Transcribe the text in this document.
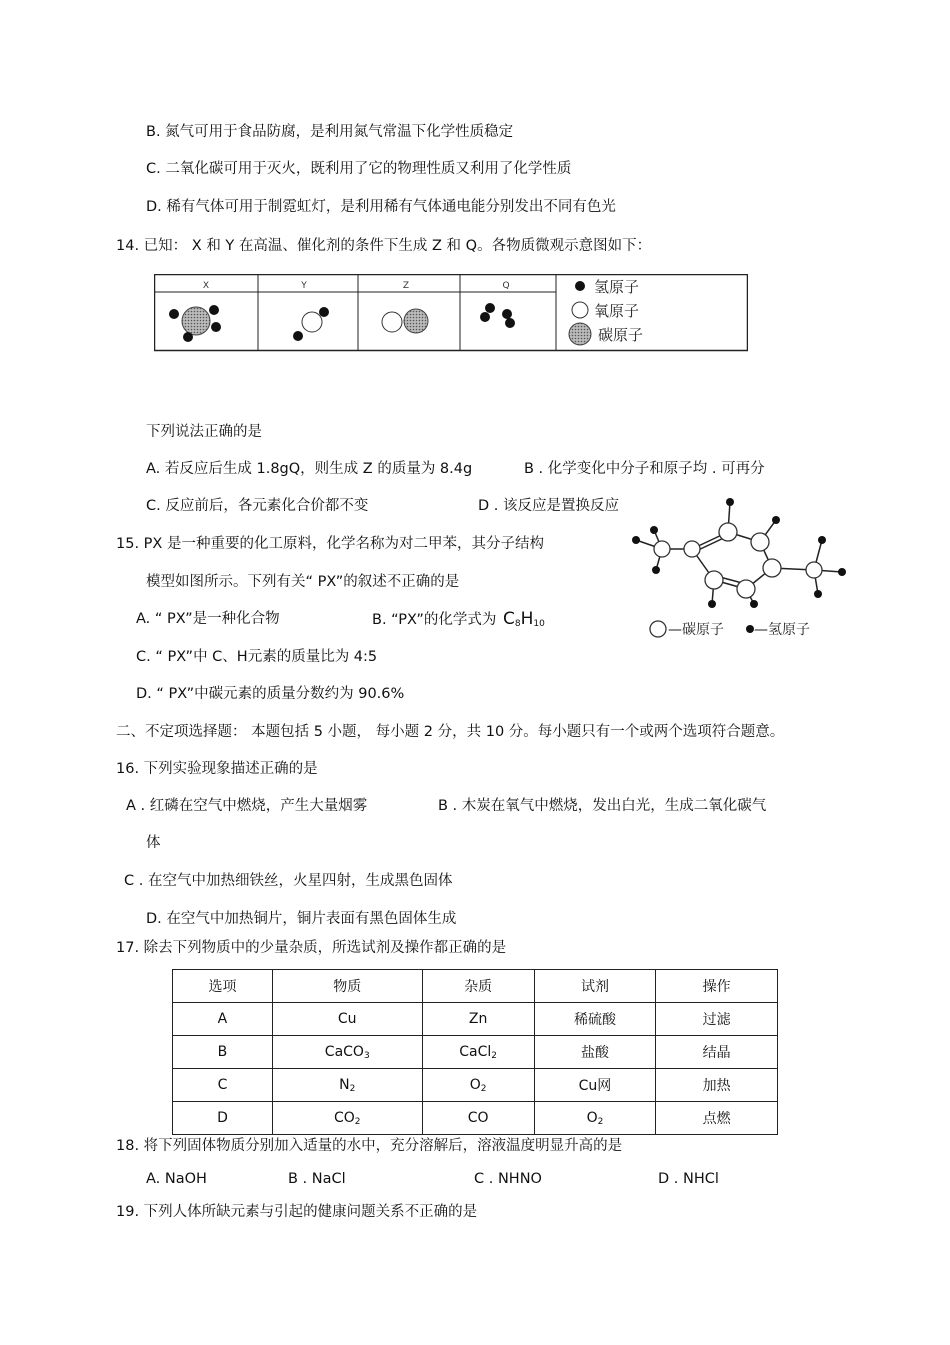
B. 氮气可用于食品防腐，是利用氮气常温下化学性质稳定
C. 二氧化碳可用于灭火，既利用了它的物理性质又利用了化学性质
D. 稀有气体可用于制霓虹灯，是利用稀有气体通电能分别发出不同有色光
14. 已知： X 和 Y 在高温、催化剂的条件下生成 Z 和 Q。各物质微观示意图如下：
X	Y	Z	Q	氢原子
氧原子
碳原子
下列说法正确的是
A. 若反应后生成 1.8gQ，则生成 Z 的质量为 8.4g	B . 化学变化中分子和原子均 . 可再分
C. 反应前后，各元素化合价都不变	D . 该反应是置换反应
15. PX 是一种重要的化工原料，化学名称为对二甲苯，其分子结构
模型如图所示。下列有关“ PX”的叙述不正确的是
A. “ PX”是一种化合物	B. “PX”的化学式为 $C_8H_{10}$
C. “ PX”中 C、H元素的质量比为 4:5
D. “ PX”中碳元素的质量分数约为 90.6%
—碳原子 —氢原子
二、不定项选择题： 本题包括 5 小题， 每小题 2 分，共 10 分。每小题只有一个或两个选项符合题意。
16. 下列实验现象描述正确的是
A . 红磷在空气中燃烧，产生大量烟雾	B . 木炭在氧气中燃烧，发出白光，生成二氧化碳气
体
C . 在空气中加热细铁丝，火星四射，生成黑色固体
D. 在空气中加热铜片，铜片表面有黑色固体生成
17. 除去下列物质中的少量杂质，所选试剂及操作都正确的是
选项	物质	杂质	试剂	操作
A	Cu	Zn	稀硫酸	过滤
B	CaCO$_3$	CaCl$_2$	盐酸	结晶
C	$N_2$	$O_2$	Cu网	加热
D	$CO_2$	CO	$O_2$	点燃
18. 将下列固体物质分别加入适量的水中，充分溶解后，溶液温度明显升高的是
A. NaOH	B . NaCl	C . NHNO	D . NHCl
19. 下列人体所缺元素与引起的健康问题关系不正确的是
